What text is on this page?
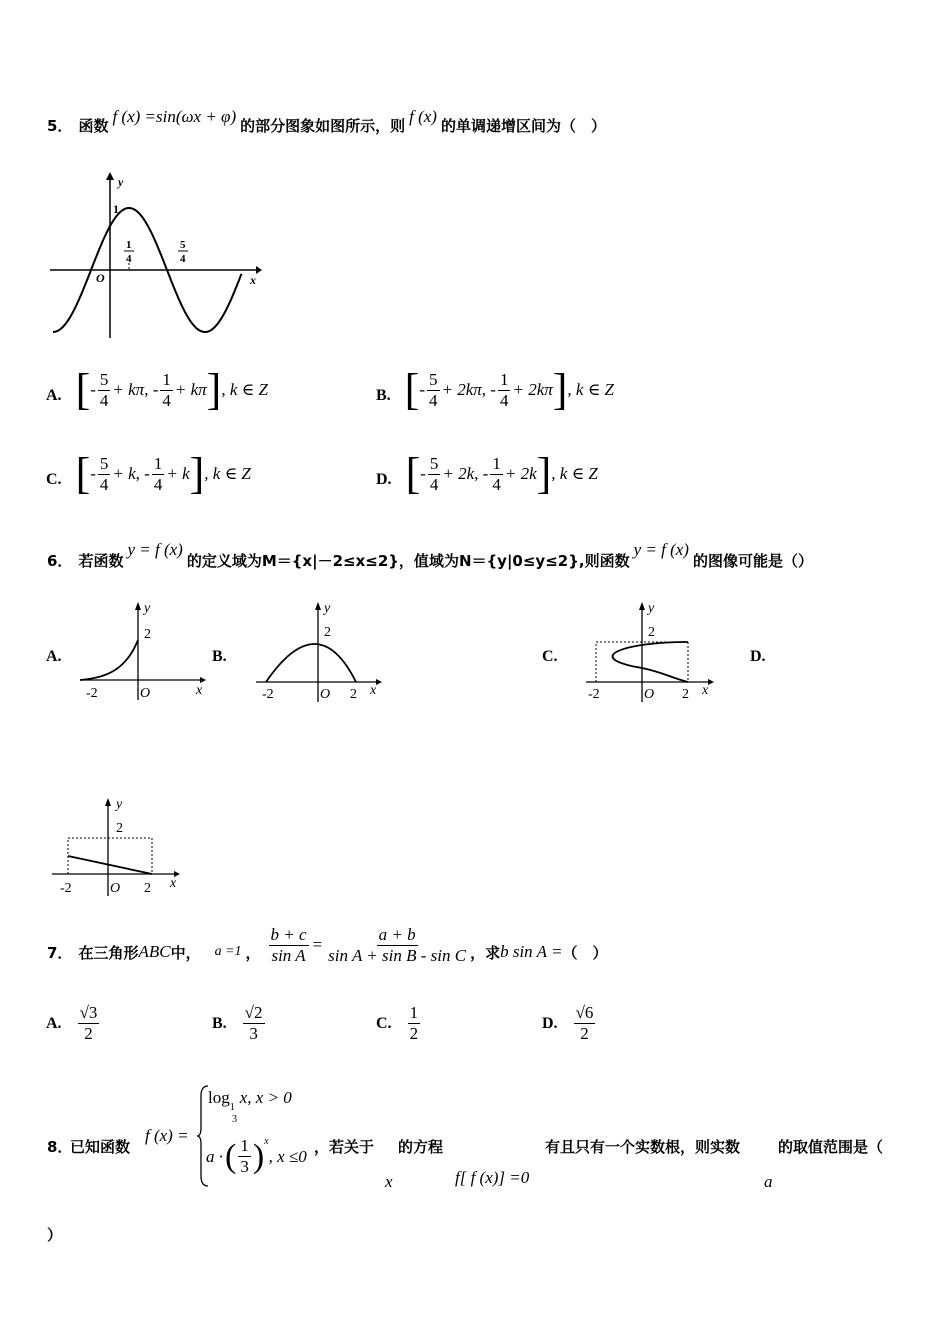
5． 函数 f (x) =sin(ωx + φ) 的部分图象如图所示，则 f (x) 的单调递增区间为（　）
y
x
O
1
1
4
5
4
A. [ - $\frac{5}{4} + k\pi$ , - $\frac{1}{4} + k\pi$ ] , k ∈ Z	B. [ - $\frac{5}{4} + 2k\pi$ , - $\frac{1}{4} + 2k\pi$ ] , k ∈ Z
C. [ - $\frac{5}{4} + k$ , - $\frac{1}{4} + k$ ] , k ∈ Z	D. [ - $\frac{5}{4} + 2k$ , - $\frac{1}{4} + 2k$ ] , k ∈ Z
6． 若函数
y = f (x)
的定义域为M＝{x|－2≤x≤2}，值域为N＝{y|0≤y≤2},则函数
y = f (x)
的图像可能是（）
A.	B.	C.	D.
y
2
-2	O	x
y
2
-2	O 2 x
y
2
-2	O 2 x
y
2
-2	O 2 x
7． 在三角形 ABC 中， a =1 ， $\frac{b + c}{\text{sin A}} = \frac{a + b}{\text{sin A + sin B - sin C}}$ ，求 b sin A = （　）
A. $\frac{√3}{2}$	B. $\frac{√2}{3}$	C. $\frac{1}{2}$	D. $\frac{√6}{2}$
8．
已知函数
f (x) =
log
1
x, x > 0
3
a · ( $\frac{1}{3}$ ) x
, x ≤0 ，若关于 的方程	有且只有一个实数根，则实数	的取值范围是（
x	f[ f (x)] =0	a
）
